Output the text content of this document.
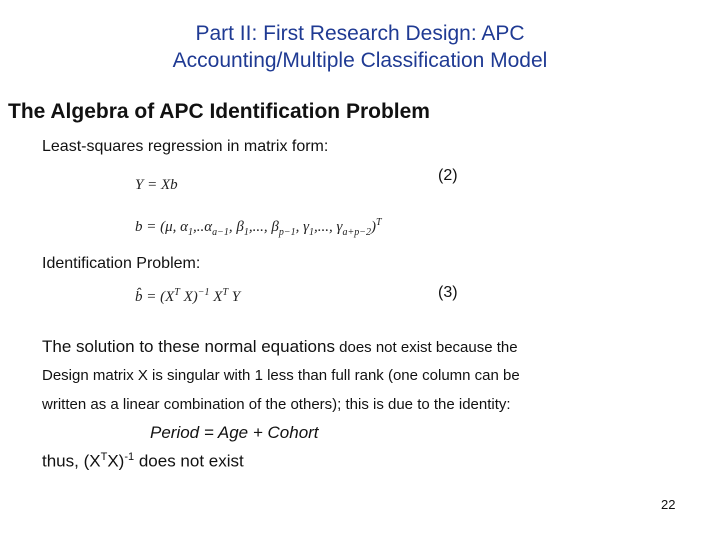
Part II: First Research Design: APC
Accounting/Multiple Classification Model
The Algebra of APC Identification Problem
Least-squares regression in matrix form:
Y = Xb
(2)
b = (μ, $\alpha_1,..\alpha_{a-1}$, $\beta_1$,..., $\beta_{p-1}$, $\gamma_1$,..., $\gamma_{a+p-2})^T$
Identification Problem:
b̂ = ($X^T$ X)$^{-1}$ $X^T$ Y	(3)
The solution to these normal equations does not exist because the
Design matrix X is singular with 1 less than full rank (one column can be
written as a linear combination of the others); this is due to the identity:
Period = Age + Cohort
thus, $(X^TX)^{-1}$ does not exist
22
